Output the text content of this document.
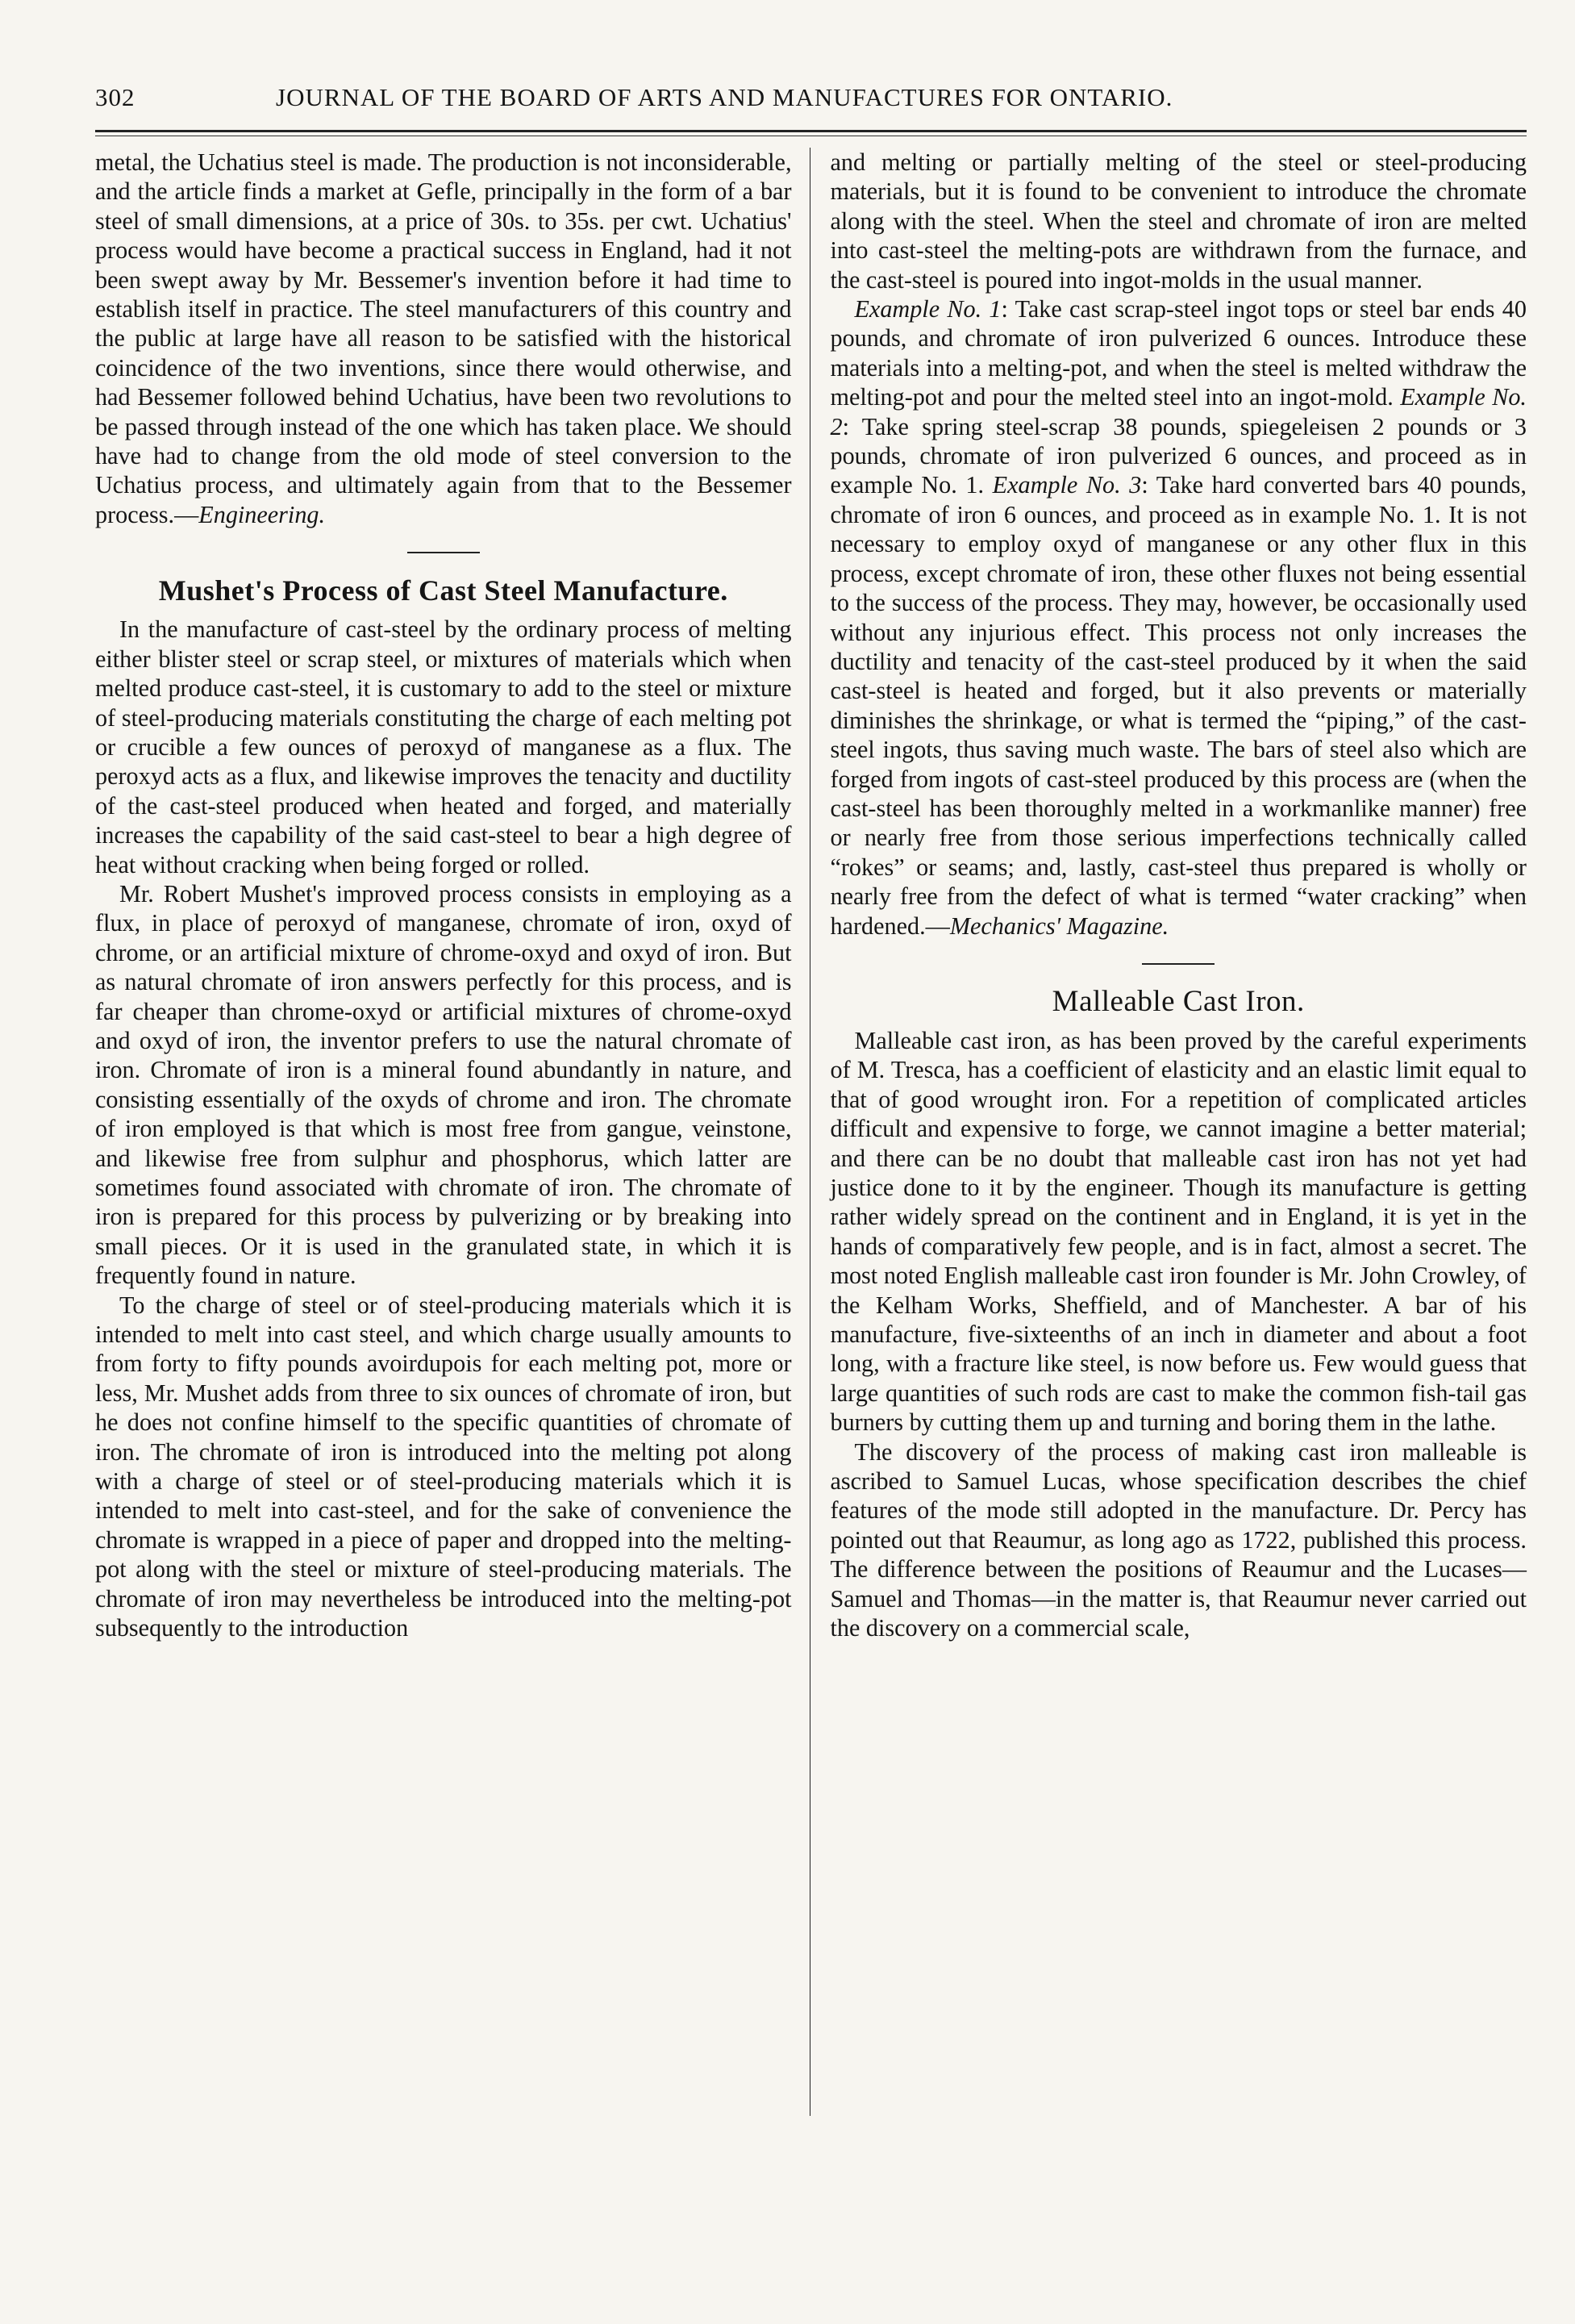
302	JOURNAL OF THE BOARD OF ARTS AND MANUFACTURES FOR ONTARIO.

metal, the Uchatius steel is made. The production is not inconsiderable, and the article finds a market at Gefle, principally in the form of a bar steel of small dimensions, at a price of 30s. to 35s. per cwt. Uchatius' process would have become a practical success in England, had it not been swept away by Mr. Bessemer's invention before it had time to establish itself in practice. The steel manufacturers of this country and the public at large have all reason to be satisfied with the historical coincidence of the two inventions, since there would otherwise, and had Bessemer followed behind Uchatius, have been two revolutions to be passed through instead of the one which has taken place. We should have had to change from the old mode of steel conversion to the Uchatius process, and ultimately again from that to the Bessemer process.—Engineering.

Mushet's Process of Cast Steel Manufacture.

In the manufacture of cast-steel by the ordinary process of melting either blister steel or scrap steel, or mixtures of materials which when melted produce cast-steel, it is customary to add to the steel or mixture of steel-producing materials constituting the charge of each melting pot or crucible a few ounces of peroxyd of manganese as a flux. The peroxyd acts as a flux, and likewise improves the tenacity and ductility of the cast-steel produced when heated and forged, and materially increases the capability of the said cast-steel to bear a high degree of heat without cracking when being forged or rolled.

Mr. Robert Mushet's improved process consists in employing as a flux, in place of peroxyd of manganese, chromate of iron, oxyd of chrome, or an artificial mixture of chrome-oxyd and oxyd of iron. But as natural chromate of iron answers perfectly for this process, and is far cheaper than chrome-oxyd or artificial mixtures of chrome-oxyd and oxyd of iron, the inventor prefers to use the natural chromate of iron. Chromate of iron is a mineral found abundantly in nature, and consisting essentially of the oxyds of chrome and iron. The chromate of iron employed is that which is most free from gangue, veinstone, and likewise free from sulphur and phosphorus, which latter are sometimes found associated with chromate of iron. The chromate of iron is prepared for this process by pulverizing or by breaking into small pieces. Or it is used in the granulated state, in which it is frequently found in nature.

To the charge of steel or of steel-producing materials which it is intended to melt into cast steel, and which charge usually amounts to from forty to fifty pounds avoirdupois for each melting pot, more or less, Mr. Mushet adds from three to six ounces of chromate of iron, but he does not confine himself to the specific quantities of chromate of iron. The chromate of iron is introduced into the melting pot along with a charge of steel or of steel-producing materials which it is intended to melt into cast-steel, and for the sake of convenience the chromate is wrapped in a piece of paper and dropped into the melting-pot along with the steel or mixture of steel-producing materials. The chromate of iron may nevertheless be introduced into the melting-pot subsequently to the introduction

and melting or partially melting of the steel or steel-producing materials, but it is found to be convenient to introduce the chromate along with the steel. When the steel and chromate of iron are melted into cast-steel the melting-pots are withdrawn from the furnace, and the cast-steel is poured into ingot-molds in the usual manner.

Example No. 1: Take cast scrap-steel ingot tops or steel bar ends 40 pounds, and chromate of iron pulverized 6 ounces. Introduce these materials into a melting-pot, and when the steel is melted withdraw the melting-pot and pour the melted steel into an ingot-mold. Example No. 2: Take spring steel-scrap 38 pounds, spiegeleisen 2 pounds or 3 pounds, chromate of iron pulverized 6 ounces, and proceed as in example No. 1. Example No. 3: Take hard converted bars 40 pounds, chromate of iron 6 ounces, and proceed as in example No. 1. It is not necessary to employ oxyd of manganese or any other flux in this process, except chromate of iron, these other fluxes not being essential to the success of the process. They may, however, be occasionally used without any injurious effect. This process not only increases the ductility and tenacity of the cast-steel produced by it when the said cast-steel is heated and forged, but it also prevents or materially diminishes the shrinkage, or what is termed the “piping,” of the cast-steel ingots, thus saving much waste. The bars of steel also which are forged from ingots of cast-steel produced by this process are (when the cast-steel has been thoroughly melted in a workmanlike manner) free or nearly free from those serious imperfections technically called “rokes” or seams; and, lastly, cast-steel thus prepared is wholly or nearly free from the defect of what is termed “water cracking” when hardened.—Mechanics' Magazine.

Malleable Cast Iron.

Malleable cast iron, as has been proved by the careful experiments of M. Tresca, has a coefficient of elasticity and an elastic limit equal to that of good wrought iron. For a repetition of complicated articles difficult and expensive to forge, we cannot imagine a better material; and there can be no doubt that malleable cast iron has not yet had justice done to it by the engineer. Though its manufacture is getting rather widely spread on the continent and in England, it is yet in the hands of comparatively few people, and is in fact, almost a secret. The most noted English malleable cast iron founder is Mr. John Crowley, of the Kelham Works, Sheffield, and of Manchester. A bar of his manufacture, five-sixteenths of an inch in diameter and about a foot long, with a fracture like steel, is now before us. Few would guess that large quantities of such rods are cast to make the common fish-tail gas burners by cutting them up and turning and boring them in the lathe.

The discovery of the process of making cast iron malleable is ascribed to Samuel Lucas, whose specification describes the chief features of the mode still adopted in the manufacture. Dr. Percy has pointed out that Reaumur, as long ago as 1722, published this process. The difference between the positions of Reaumur and the Lucases—Samuel and Thomas—in the matter is, that Reaumur never carried out the discovery on a commercial scale,
